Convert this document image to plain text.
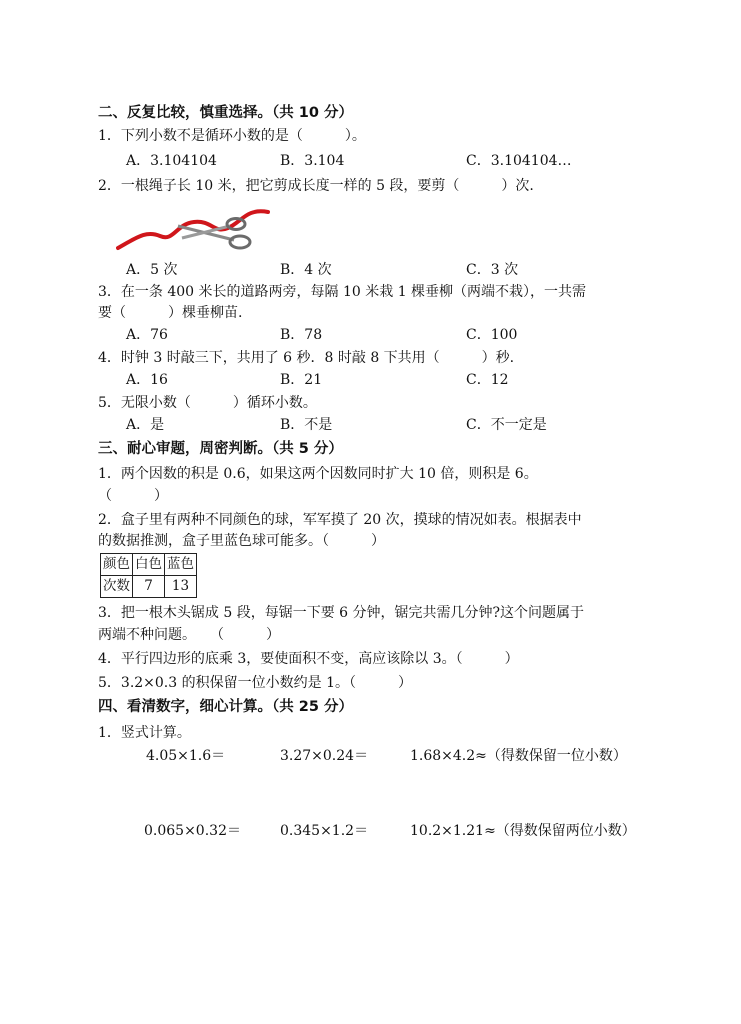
二、反复比较，慎重选择。（共 10 分）
1．下列小数不是循环小数的是（　　　）。
A．3.104104	B．3.104	C．3.104104…
2．一根绳子长 10 米，把它剪成长度一样的 5 段，要剪（　　　）次.
A．5 次	B．4 次	C．3 次
3．在一条 400 米长的道路两旁，每隔 10 米栽 1 棵垂柳（两端不栽），一共需
要（　　　）棵垂柳苗.
A．76	B．78	C．100
4．时钟 3 时敲三下，共用了 6 秒．8 时敲 8 下共用（　　　）秒.
A．16	B．21	C．12
5．无限小数（　　　）循环小数。
A．是	B．不是	C．不一定是
三、耐心审题，周密判断。（共 5 分）
1．两个因数的积是 0.6，如果这两个因数同时扩大 10 倍，则积是 6。
（　　　）
2．盒子里有两种不同颜色的球，军军摸了 20 次，摸球的情况如表。根据表中
的数据推测，盒子里蓝色球可能多。（　　　）
颜色	白色	蓝色
次数	7	13
3．把一根木头锯成 5 段，每锯一下要 6 分钟，锯完共需几分钟?这个问题属于
两端不种问题。　　（　　　）
4．平行四边形的底乘 3，要使面积不变，高应该除以 3。（　　　）
5．3.2×0.3 的积保留一位小数约是 1。（　　　）
四、看清数字，细心计算。（共 25 分）
1．竖式计算。
4.05×1.6＝	3.27×0.24＝	1.68×4.2≈（得数保留一位小数）
0.065×0.32＝	0.345×1.2＝	10.2×1.21≈（得数保留两位小数）
